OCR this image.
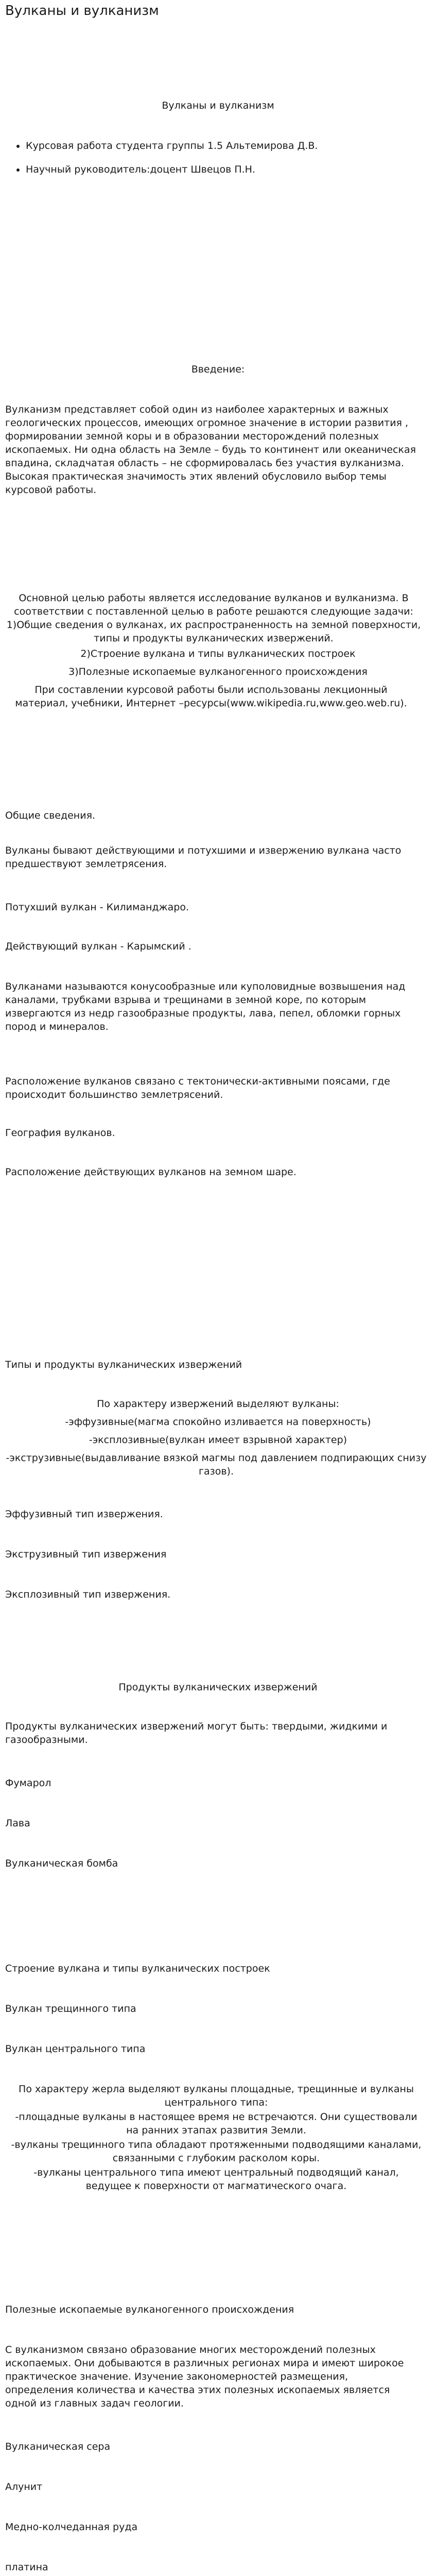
Вулканы и вулканизм

Вулканы и вулканизм

• Курсовая работа студента группы 1.5 Альтемирова Д.В.
• Научный руководитель:доцент Швецов П.Н.

Введение:

Вулканизм представляет собой один из наиболее характерных и важных геологических процессов, имеющих огромное значение в истории развития , формировании земной коры и в образовании месторождений полезных ископаемых. Ни одна область на Земле – будь то континент или океаническая впадина, складчатая область – не сформировалась без участия вулканизма. Высокая практическая значимость этих явлений обусловило выбор темы курсовой работы.

Основной целью работы является исследование вулканов и вулканизма. В соответствии с поставленной целью в работе решаются следующие задачи: 1)Общие сведения о вулканах, их распространенность на земной поверхности, типы и продукты вулканических извержений.

2)Строение вулкана и типы вулканических построек

3)Полезные ископаемые вулканогенного происхождения

При составлении курсовой работы были использованы лекционный материал, учебники, Интернет –ресурсы(www.wikipedia.ru,www.geo.web.ru).

Общие сведения.

Вулканы бывают действующими и потухшими и извержению вулкана часто предшествуют землетрясения.

Потухший вулкан - Килиманджаро.

Действующий вулкан - Карымский .

Вулканами называются конусообразные или куполовидные возвышения над каналами, трубками взрыва и трещинами в земной коре, по которым извергаются из недр газообразные продукты, лава, пепел, обломки горных пород и минералов.

Расположение вулканов связано с тектонически-активными поясами, где происходит большинство землетрясений.

География вулканов.

Расположение действующих вулканов на земном шаре.

Типы и продукты вулканических извержений

По характеру извержений выделяют вулканы:

-эффузивные(магма спокойно изливается на поверхность)

-эксплозивные(вулкан имеет взрывной характер)

-экструзивные(выдавливание вязкой магмы под давлением подпирающих снизу газов).

Эффузивный тип извержения.

Экструзивный тип извержения

Эксплозивный тип извержения.

Продукты вулканических извержений

Продукты вулканических извержений могут быть: твердыми, жидкими и газообразными.

Фумарол

Лава

Вулканическая бомба

Строение вулкана и типы вулканических построек

Вулкан трещинного типа

Вулкан центрального типа

По характеру жерла выделяют вулканы площадные, трещинные и вулканы центрального типа:

-площадные вулканы в настоящее время не встречаются. Они существовали на ранних этапах развития Земли.

-вулканы трещинного типа обладают протяженными подводящими каналами, связанными с глубоким расколом коры.

-вулканы центрального типа имеют центральный подводящий канал, ведущее к поверхности от магматического очага.

Полезные ископаемые вулканогенного происхождения

С вулканизмом связано образование многих месторождений полезных ископаемых. Они добываются в различных регионах мира и имеют широкое практическое значение. Изучение закономерностей размещения, определения количества и качества этих полезных ископаемых является одной из главных задач геологии.

Вулканическая сера

Алунит

Медно-колчеданная руда

платина
